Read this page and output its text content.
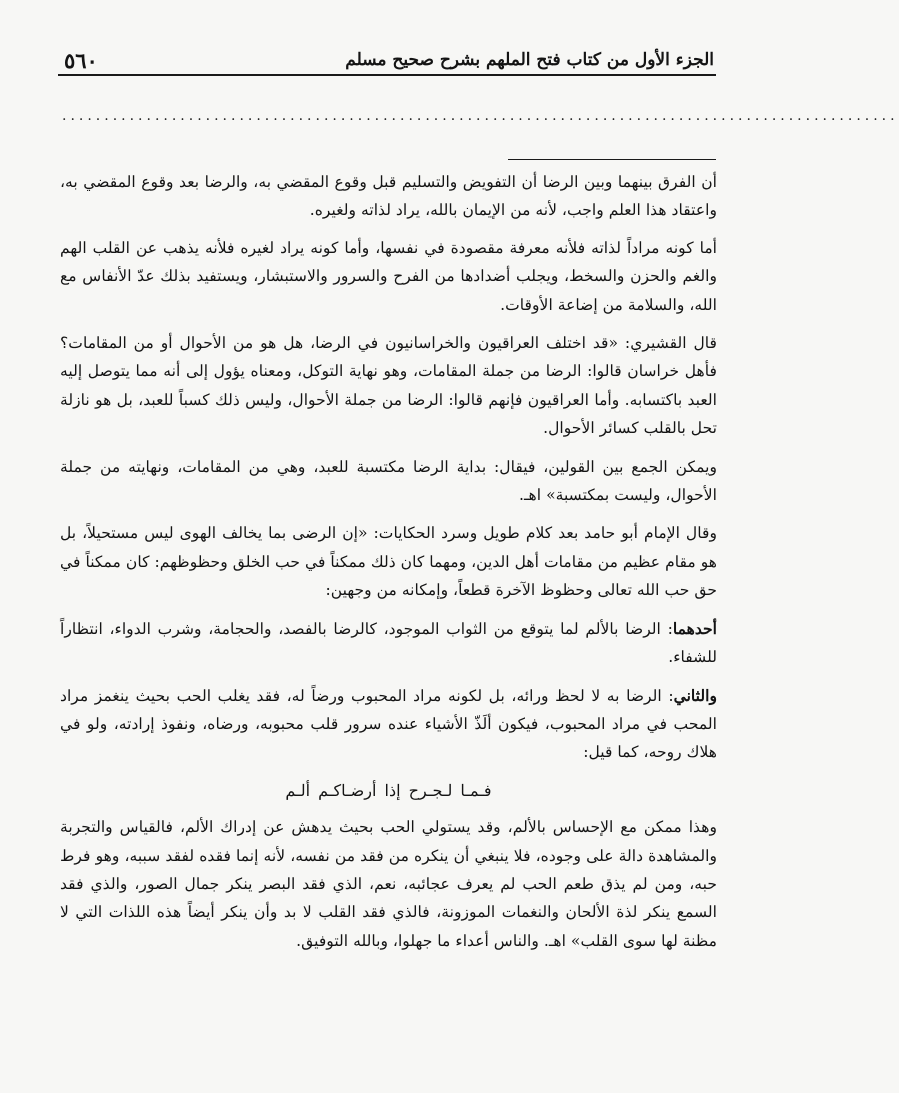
٥٦٠	الجزء الأول من كتاب فتح الملهم بشرح صحيح مسلم
...................................................................................................

أن الفرق بينهما وبين الرضا أن التفويض والتسليم قبل وقوع المقضي به، والرضا بعد وقوع المقضي به، واعتقاد هذا العلم واجب، لأنه من الإيمان بالله، يراد لذاته ولغيره.

أما كونه مراداً لذاته فلأنه معرفة مقصودة في نفسها، وأما كونه يراد لغيره فلأنه يذهب عن القلب الهم والغم والحزن والسخط، ويجلب أضدادها من الفرح والسرور والاستبشار، ويستفيد بذلك عدّ الأنفاس مع الله، والسلامة من إضاعة الأوقات.

قال القشيري: «قد اختلف العراقيون والخراسانيون في الرضا، هل هو من الأحوال أو من المقامات؟ فأهل خراسان قالوا: الرضا من جملة المقامات، وهو نهاية التوكل، ومعناه يؤول إلى أنه مما يتوصل إليه العبد باكتسابه. وأما العراقيون فإنهم قالوا: الرضا من جملة الأحوال، وليس ذلك كسباً للعبد، بل هو نازلة تحل بالقلب كسائر الأحوال.

ويمكن الجمع بين القولين، فيقال: بداية الرضا مكتسبة للعبد، وهي من المقامات، ونهايته من جملة الأحوال، وليست بمكتسبة» اهـ.

وقال الإمام أبو حامد بعد كلام طويل وسرد الحكايات: «إن الرضى بما يخالف الهوى ليس مستحيلاً، بل هو مقام عظيم من مقامات أهل الدين، ومهما كان ذلك ممكناً في حب الخلق وحظوظهم: كان ممكناً في حق حب الله تعالى وحظوظ الآخرة قطعاً، وإمكانه من وجهين:

أحدهما: الرضا بالألم لما يتوقع من الثواب الموجود، كالرضا بالفصد، والحجامة، وشرب الدواء، انتظاراً للشفاء.

والثاني: الرضا به لا لحظ ورائه، بل لكونه مراد المحبوب ورضاً له، فقد يغلب الحب بحيث ينغمز مراد المحب في مراد المحبوب، فيكون ألَذّ الأشياء عنده سرور قلب محبوبه، ورضاه، ونفوذ إرادته، ولو في هلاك روحه، كما قيل:

فـمـا لـجـرح إذا أرضـاكـم ألـم

وهذا ممكن مع الإحساس بالألم، وقد يستولي الحب بحيث يدهش عن إدراك الألم، فالقياس والتجربة والمشاهدة دالة على وجوده، فلا ينبغي أن ينكره من فقد من نفسه، لأنه إنما فقده لفقد سببه، وهو فرط حبه، ومن لم يذق طعم الحب لم يعرف عجائبه، نعم، الذي فقد البصر ينكر جمال الصور، والذي فقد السمع ينكر لذة الألحان والنغمات الموزونة، فالذي فقد القلب لا بد وأن ينكر أيضاً هذه اللذات التي لا مظنة لها سوى القلب» اهـ. والناس أعداء ما جهلوا، وبالله التوفيق.
